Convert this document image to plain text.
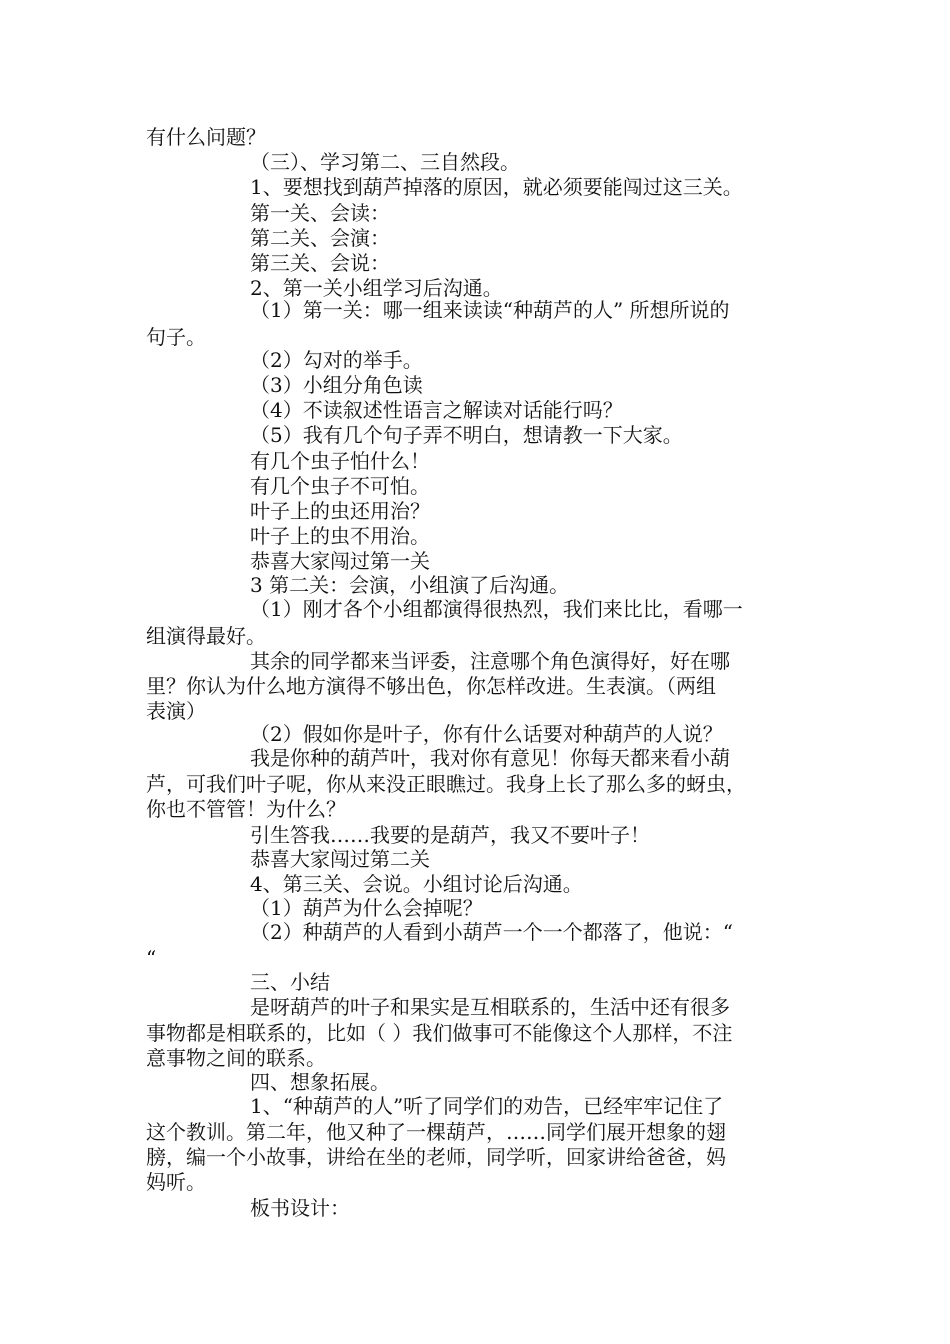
有什么问题？
（三）、学习第二、三自然段。
1、要想找到葫芦掉落的原因，就必须要能闯过这三关。
第一关、会读：
第二关、会演：
第三关、会说：
2、第一关小组学习后沟通。
（1）第一关：哪一组来读读“种葫芦的人” 所想所说的
句子。
（2）勾对的举手。
（3）小组分角色读
（4）不读叙述性语言之解读对话能行吗？
（5）我有几个句子弄不明白，想请教一下大家。
有几个虫子怕什么！
有几个虫子不可怕。
叶子上的虫还用治？
叶子上的虫不用治。
恭喜大家闯过第一关
3 第二关：会演，小组演了后沟通。
（1）刚才各个小组都演得很热烈，我们来比比，看哪一
组演得最好。
其余的同学都来当评委，注意哪个角色演得好，好在哪
里？你认为什么地方演得不够出色，你怎样改进。生表演。（两组
表演）
（2）假如你是叶子，你有什么话要对种葫芦的人说？
我是你种的葫芦叶，我对你有意见！你每天都来看小葫
芦，可我们叶子呢，你从来没正眼瞧过。我身上长了那么多的蚜虫，
你也不管管！为什么？
引生答我……我要的是葫芦，我又不要叶子！
恭喜大家闯过第二关
4、第三关、会说。小组讨论后沟通。
（1）葫芦为什么会掉呢？
（2）种葫芦的人看到小葫芦一个一个都落了，他说：“
“
三、小结
是呀葫芦的叶子和果实是互相联系的，生活中还有很多
事物都是相联系的，比如（ ）我们做事可不能像这个人那样，不注
意事物之间的联系。
四、想象拓展。
1、“种葫芦的人”听了同学们的劝告，已经牢牢记住了
这个教训。第二年，他又种了一棵葫芦，……同学们展开想象的翅
膀，编一个小故事，讲给在坐的老师，同学听，回家讲给爸爸，妈
妈听。
板书设计：
